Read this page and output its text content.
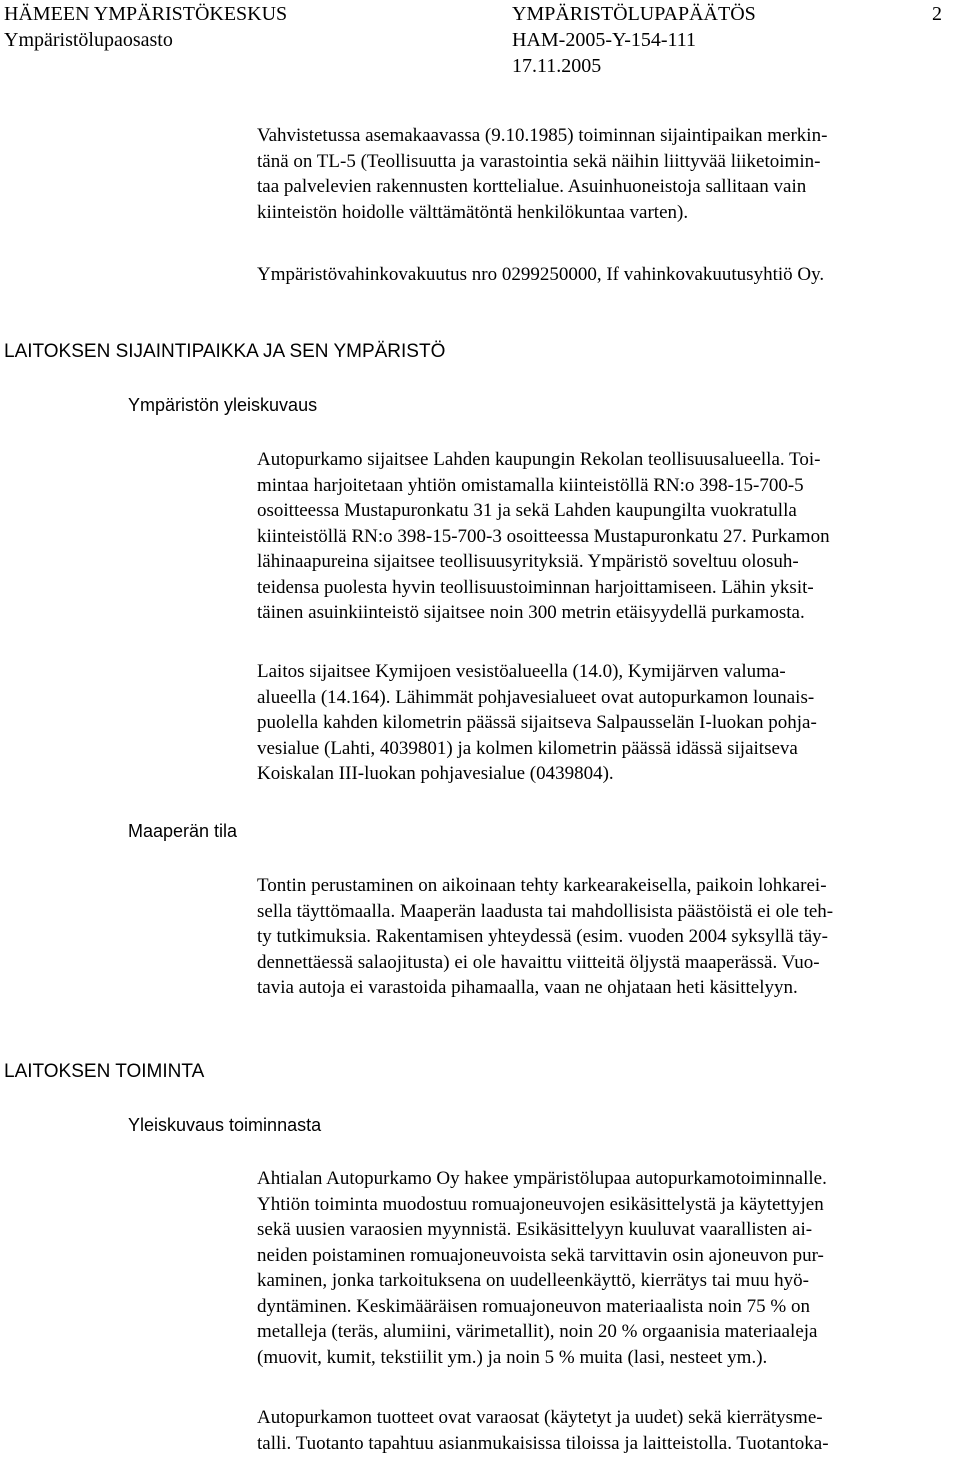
HÄMEEN YMPÄRISTÖKESKUS
Ympäristölupaosasto
YMPÄRISTÖLUPAPÄÄTÖS
HAM-2005-Y-154-111
17.11.2005
2

Vahvistetussa asemakaavassa (9.10.1985) toiminnan sijaintipaikan merkin-

tänä on TL-5 (Teollisuutta ja varastointia sekä näihin liittyvää liiketoimin-

taa palvelevien rakennusten korttelialue. Asuinhuoneistoja sallitaan vain

kiinteistön hoidolle välttämätöntä henkilökuntaa varten).

Ympäristövahinkovakuutus nro 0299250000, If vahinkovakuutusyhtiö Oy.

LAITOKSEN SIJAINTIPAIKKA JA SEN YMPÄRISTÖ
Ympäristön yleiskuvaus

Autopurkamo sijaitsee Lahden kaupungin Rekolan teollisuusalueella. Toi-

mintaa harjoitetaan yhtiön omistamalla kiinteistöllä RN:o 398-15-700-5

osoitteessa Mustapuronkatu 31 ja sekä Lahden kaupungilta vuokratulla

kiinteistöllä RN:o 398-15-700-3 osoitteessa Mustapuronkatu 27. Purkamon

lähinaapureina sijaitsee teollisuusyrityksiä. Ympäristö soveltuu olosuh-

teidensa puolesta hyvin teollisuustoiminnan harjoittamiseen. Lähin yksit-

täinen asuinkiinteistö sijaitsee noin 300 metrin etäisyydellä purkamosta.

Laitos sijaitsee Kymijoen vesistöalueella (14.0), Kymijärven valuma-

alueella (14.164). Lähimmät pohjavesialueet ovat autopurkamon lounais-

puolella kahden kilometrin päässä sijaitseva Salpausselän I-luokan pohja-

vesialue (Lahti, 4039801) ja kolmen kilometrin päässä idässä sijaitseva

Koiskalan III-luokan pohjavesialue (0439804).

Maaperän tila

Tontin perustaminen on aikoinaan tehty karkearakeisella, paikoin lohkarei-

sella täyttömaalla. Maaperän laadusta tai mahdollisista päästöistä ei ole teh-

ty tutkimuksia. Rakentamisen yhteydessä (esim. vuoden 2004 syksyllä täy-

dennettäessä salaojitusta) ei ole havaittu viitteitä öljystä maaperässä. Vuo-

tavia autoja ei varastoida pihamaalla, vaan ne ohjataan heti käsittelyyn.

LAITOKSEN TOIMINTA
Yleiskuvaus toiminnasta

Ahtialan Autopurkamo Oy hakee ympäristölupaa autopurkamotoiminnalle.

Yhtiön toiminta muodostuu romuajoneuvojen esikäsittelystä ja käytettyjen

sekä uusien varaosien myynnistä. Esikäsittelyyn kuuluvat vaarallisten ai-

neiden poistaminen romuajoneuvoista sekä tarvittavin osin ajoneuvon pur-

kaminen, jonka tarkoituksena on uudelleenkäyttö, kierrätys tai muu hyö-

dyntäminen. Keskimääräisen romuajoneuvon materiaalista noin 75 % on

metalleja (teräs, alumiini, värimetallit), noin 20 % orgaanisia materiaaleja

(muovit, kumit, tekstiilit ym.) ja noin 5 % muita (lasi, nesteet ym.).

Autopurkamon tuotteet ovat varaosat (käytetyt ja uudet) sekä kierrätysme-

talli. Tuotanto tapahtuu asianmukaisissa tiloissa ja laitteistolla. Tuotantoka-
